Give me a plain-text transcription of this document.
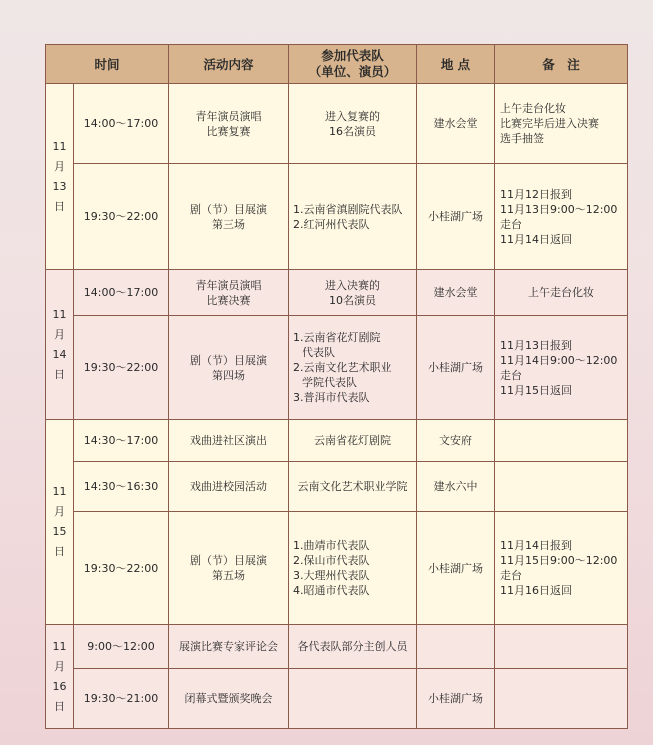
时间		活动内容	参加代表队
（单位、演员）	地 点	备　注

11
月
13
日	14:00～17:00	青年演员演唱
比赛复赛	进入复赛的
16名演员	建水会堂	上午走台化妆
比赛完毕后进入决赛
选手抽签

	19:30～22:00	剧（节）目展演
第三场	1.云南省滇剧院代表队
2.红河州代表队	小桂湖广场	11月12日报到
11月13日9:00～12:00
走台
11月14日返回

11
月
14
日	14:00～17:00	青年演员演唱
比赛决赛	进入决赛的
10名演员	建水会堂	上午走台化妆

	19:30～22:00	剧（节）目展演
第四场	1.云南省花灯剧院
代表队
2.云南文化艺术职业
学院代表队
3.普洱市代表队	小桂湖广场	11月13日报到
11月14日9:00～12:00
走台
11月15日返回

11
月
15
日	14:30～17:00	戏曲进社区演出	云南省花灯剧院	文安府	
	14:30～16:30	戏曲进校园活动	云南文化艺术职业学院	建水六中	
	19:30～22:00	剧（节）目展演
第五场	1.曲靖市代表队
2.保山市代表队
3.大理州代表队
4.昭通市代表队	小桂湖广场	11月14日报到
11月15日9:00～12:00
走台
11月16日返回

11
月
16
日	9:00～12:00	展演比赛专家评论会	各代表队部分主创人员		

	19:30～21:00	闭幕式暨颁奖晚会		小桂湖广场	
